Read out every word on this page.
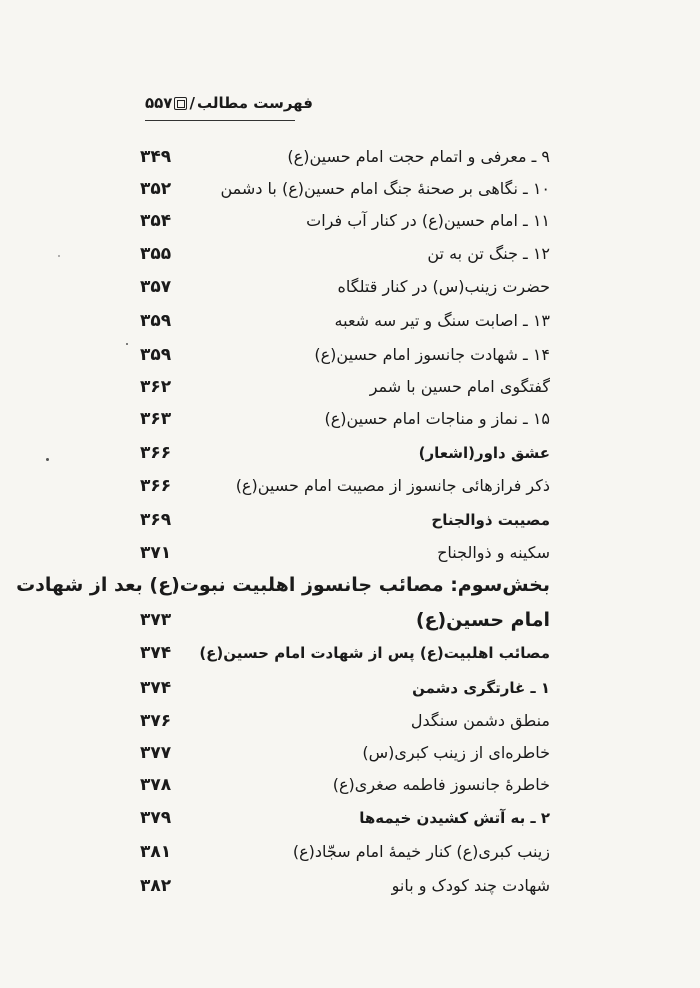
فهرست مطالب
/
۵۵۷
۹ ـ معرفی و اتمام حجت امام حسین(ع)
۳۴۹
۱۰ ـ نگاهی بر صحنهٔ جنگ امام حسین(ع) با دشمن
۳۵۲
۱۱ ـ امام حسین(ع) در کنار آب فرات
۳۵۴
۱۲ ـ جنگ تن به تن
۳۵۵
حضرت زینب(س) در کنار قتلگاه
۳۵۷
۱۳ ـ اصابت سنگ و تیر سه شعبه
۳۵۹
۱۴ ـ شهادت جانسوز امام حسین(ع)
۳۵۹
گفتگوی امام حسین با شمر
۳۶۲
۱۵ ـ نماز و مناجات امام حسین(ع)
۳۶۳
عشق داور(اشعار)
۳۶۶
ذکر فرازهائی جانسوز از مصیبت امام حسین(ع)
۳۶۶
مصیبت ذوالجناح
۳۶۹
سکینه و ذوالجناح
۳۷۱
بخش‌سوم: مصائب جانسوز اهلبیت نبوت(ع) بعد از شهادت
امام حسین(ع)
۳۷۳
مصائب اهلبیت(ع) پس از شهادت امام حسین(ع)
۳۷۴
۱ ـ غارتگری دشمن
۳۷۴
منطق دشمن سنگدل
۳۷۶
خاطره‌ای از زینب کبری(س)
۳۷۷
خاطرهٔ جانسوز فاطمه صغری(ع)
۳۷۸
۲ ـ به آتش کشیدن خیمه‌ها
۳۷۹
زینب کبری(ع) کنار خیمهٔ امام سجّاد(ع)
۳۸۱
شهادت چند کودک و بانو
۳۸۲
